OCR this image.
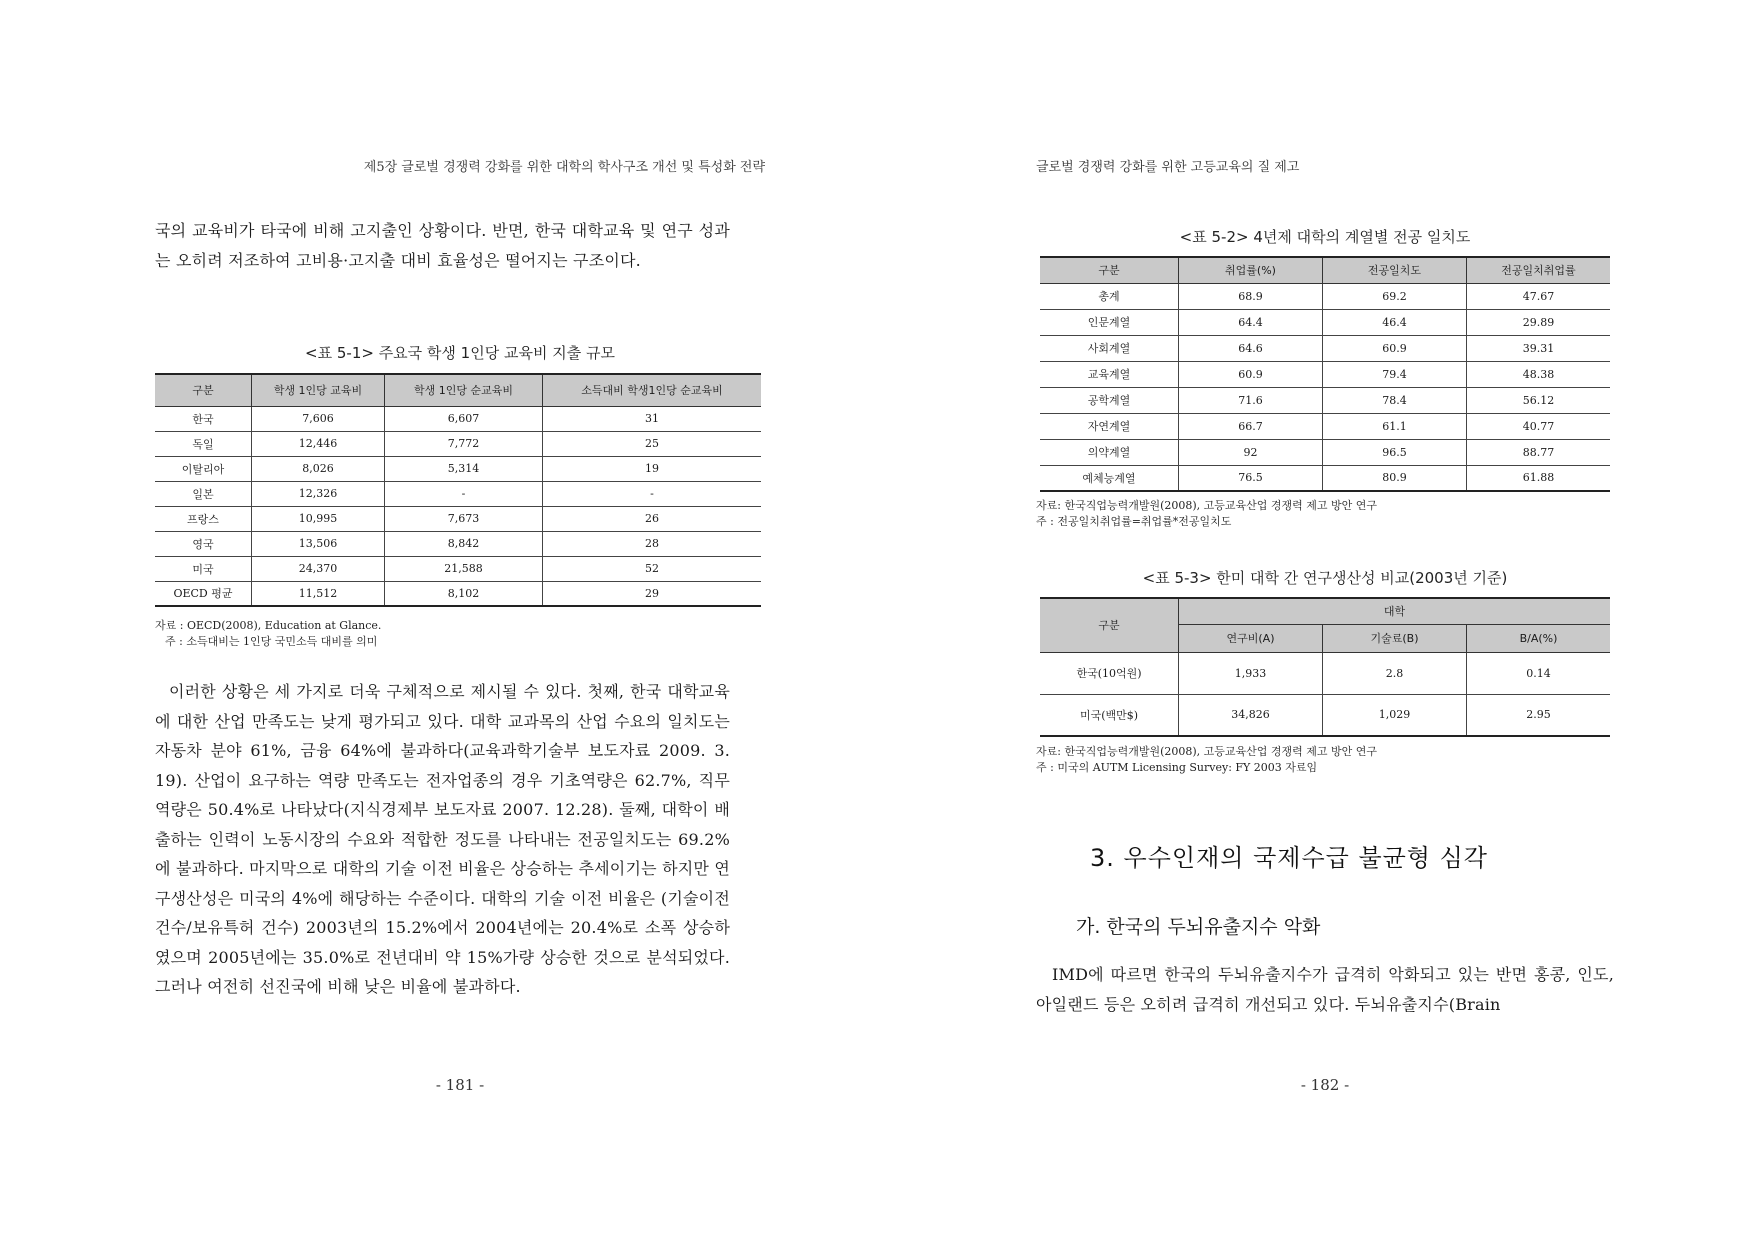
제5장 글로벌 경쟁력 강화를 위한 대학의 학사구조 개선 및 특성화 전략

국의 교육비가 타국에 비해 고지출인 상황이다. 반면, 한국 대학교육 및 연구 성과는 오히려 저조하여 고비용·고지출 대비 효율성은 떨어지는 구조이다.

<표 5-1> 주요국 학생 1인당 교육비 지출 규모
구분	학생 1인당 교육비	학생 1인당 순교육비	소득대비 학생1인당 순교육비
한국	7,606	6,607	31
독일	12,446	7,772	25
이탈리아	8,026	5,314	19
일본	12,326	-	-
프랑스	10,995	7,673	26
영국	13,506	8,842	28
미국	24,370	21,588	52
OECD 평균	11,512	8,102	29
자료 : OECD(2008), Education at Glance.
주 : 소득대비는 1인당 국민소득 대비를 의미

이러한 상황은 세 가지로 더욱 구체적으로 제시될 수 있다. 첫째, 한국 대학교육에 대한 산업 만족도는 낮게 평가되고 있다. 대학 교과목의 산업 수요의 일치도는 자동차 분야 61%, 금융 64%에 불과하다(교육과학기술부 보도자료 2009. 3. 19). 산업이 요구하는 역량 만족도는 전자업종의 경우 기초역량은 62.7%, 직무역량은 50.4%로 나타났다(지식경제부 보도자료 2007. 12.28). 둘째, 대학이 배출하는 인력이 노동시장의 수요와 적합한 정도를 나타내는 전공일치도는 69.2%에 불과하다. 마지막으로 대학의 기술 이전 비율은 상승하는 추세이기는 하지만 연구생산성은 미국의 4%에 해당하는 수준이다. 대학의 기술 이전 비율은 (기술이전 건수/보유특허 건수) 2003년의 15.2%에서 2004년에는 20.4%로 소폭 상승하였으며 2005년에는 35.0%로 전년대비 약 15%가량 상승한 것으로 분석되었다. 그러나 여전히 선진국에 비해 낮은 비율에 불과하다.

- 181 -
글로벌 경쟁력 강화를 위한 고등교육의 질 제고
<표 5-2> 4년제 대학의 계열별 전공 일치도
구분	취업률(%)	전공일치도	전공일치취업률
총계	68.9	69.2	47.67
인문계열	64.4	46.4	29.89
사회계열	64.6	60.9	39.31
교육계열	60.9	79.4	48.38
공학계열	71.6	78.4	56.12
자연계열	66.7	61.1	40.77
의약계열	92	96.5	88.77
예체능계열	76.5	80.9	61.88
자료: 한국직업능력개발원(2008), 고등교육산업 경쟁력 제고 방안 연구
주 : 전공일치취업률=취업률*전공일치도
<표 5-3> 한미 대학 간 연구생산성 비교(2003년 기준)
구분	대학		
	연구비(A)	기술료(B)	B/A(%)
한국(10억원)	1,933	2.8	0.14
미국(백만$)	34,826	1,029	2.95
자료: 한국직업능력개발원(2008), 고등교육산업 경쟁력 제고 방안 연구
주 : 미국의 AUTM Licensing Survey: FY 2003 자료임
3. 우수인재의 국제수급 불균형 심각
가. 한국의 두뇌유출지수 악화

IMD에 따르면 한국의 두뇌유출지수가 급격히 악화되고 있는 반면 홍콩, 인도, 아일랜드 등은 오히려 급격히 개선되고 있다. 두뇌유출지수(Brain

- 182 -
